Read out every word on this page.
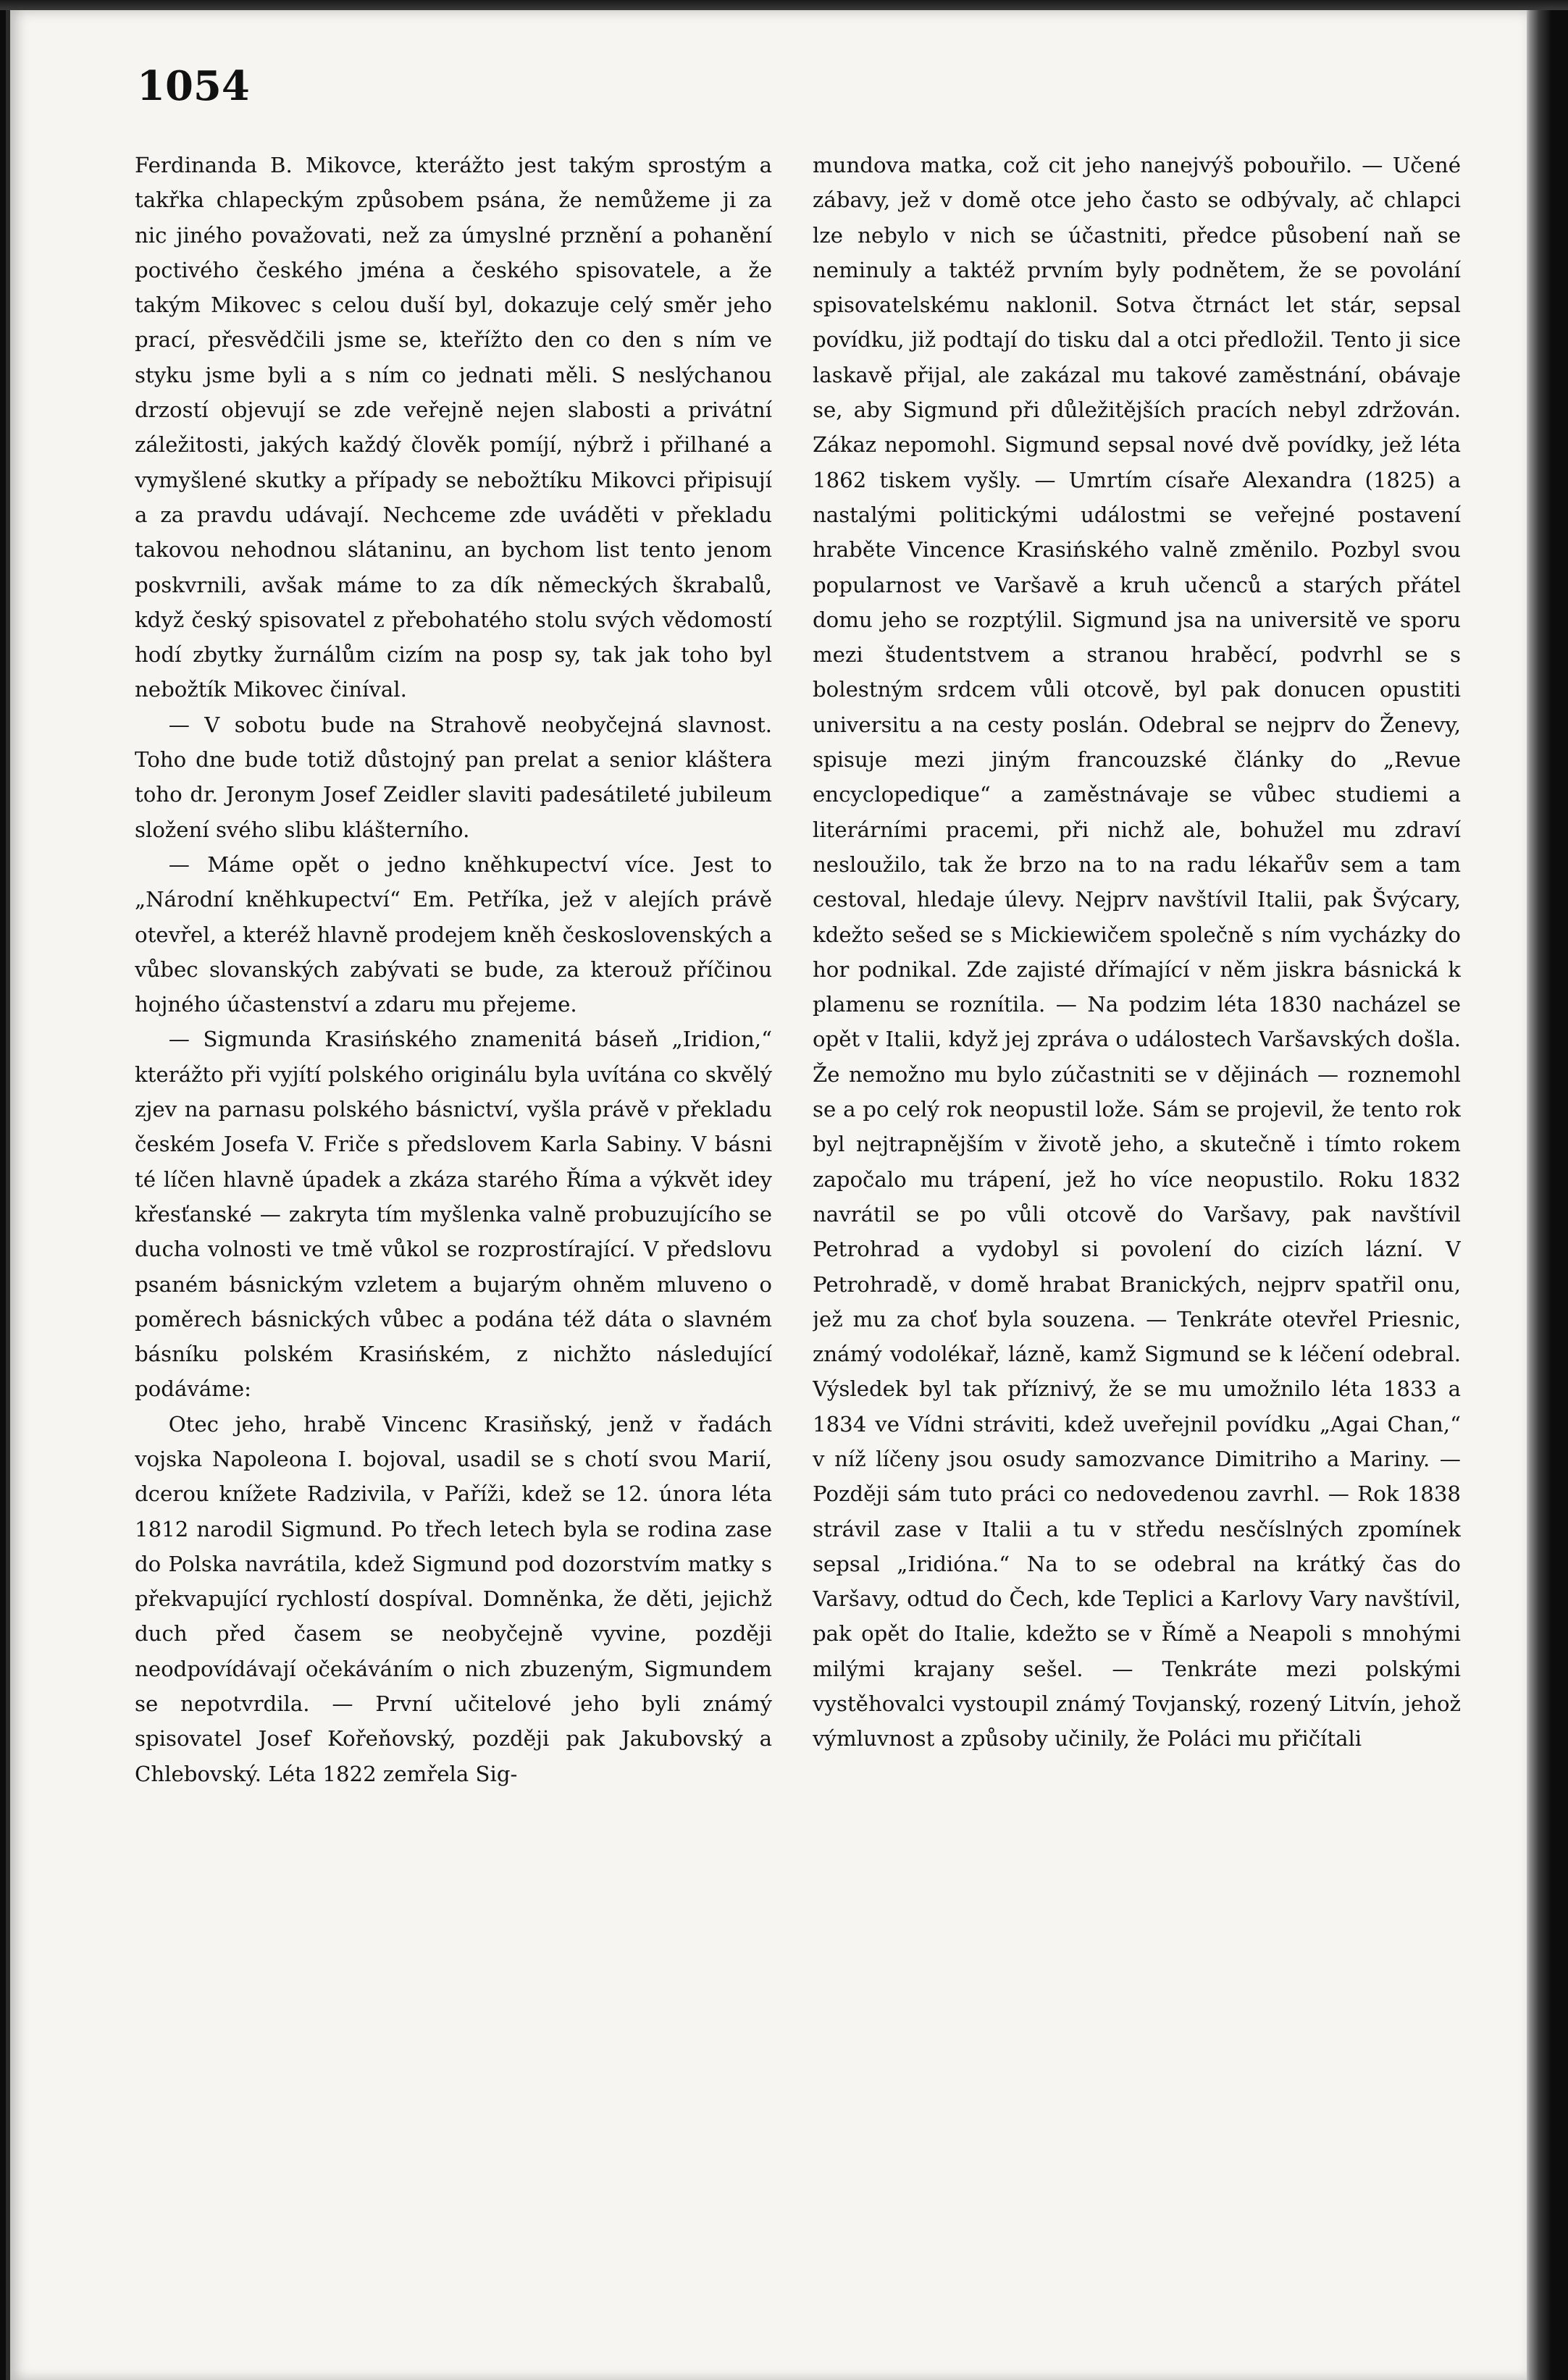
1054

Ferdinanda B. Mikovce, kterážto jest takým sprostým a takřka chlapeckým způsobem psána, že nemůžeme ji za nic jiného považovati, než za úmyslné prznění a pohanění poctivého českého jména a českého spisovatele, a že takým Mikovec s celou duší byl, dokazuje celý směr jeho prací, přesvědčili jsme se, kteřížto den co den s ním ve styku jsme byli a s ním co jednati měli. S neslýchanou drzostí objevují se zde veřejně nejen slabosti a privátní záležitosti, jakých každý člověk pomíjí, nýbrž i přilhané a vymyšlené skutky a případy se nebožtíku Mikovci připisují a za pravdu udávají. Nechceme zde uváděti v překladu takovou nehodnou slátaninu, an bychom list tento jenom poskvrnili, avšak máme to za dík německých škrabalů, když český spisovatel z přebohatého stolu svých vědomostí hodí zbytky žurnálům cizím na posp sy, tak jak toho byl nebožtík Mikovec činíval.

— V sobotu bude na Strahově neobyčejná slavnost. Toho dne bude totiž důstojný pan prelat a senior kláštera toho dr. Jeronym Josef Zeidler slaviti padesátileté jubileum složení svého slibu klášterního.

— Máme opět o jedno kněhkupectví více. Jest to „Národní kněhkupectví“ Em. Petříka, jež v alejích právě otevřel, a kteréž hlavně prodejem kněh československých a vůbec slovanských zabývati se bude, za kterouž příčinou hojného účastenství a zdaru mu přejeme.

— Sigmunda Krasińského znamenitá báseň „Iridion,“ kterážto při vyjítí polského originálu byla uvítána co skvělý zjev na parnasu polského básnictví, vyšla právě v překladu českém Josefa V. Friče s předslovem Karla Sabiny. V básni té líčen hlavně úpadek a zkáza starého Říma a výkvět idey křesťanské — zakryta tím myšlenka valně probuzujícího se ducha volnosti ve tmě vůkol se rozprostírající. V předslovu psaném básnickým vzletem a bujarým ohněm mluveno o poměrech básnických vůbec a podána též dáta o slavném básníku polském Krasińském, z nichžto následující podáváme:

Otec jeho, hrabě Vincenc Krasiňský, jenž v řadách vojska Napoleona I. bojoval, usadil se s chotí svou Marií, dcerou knížete Radzivila, v Paříži, kdež se 12. února léta 1812 narodil Sigmund. Po třech letech byla se rodina zase do Polska navrátila, kdež Sigmund pod dozorstvím matky s překvapující rychlostí dospíval. Domněnka, že děti, jejichž duch před časem se neobyčejně vyvine, později neodpovídávají očekáváním o nich zbuzeným, Sigmundem se nepotvrdila. — První učitelové jeho byli známý spisovatel Josef Kořeňovský, později pak Jakubovský a Chlebovský. Léta 1822 zemřela Sig-

mundova matka, což cit jeho nanejvýš pobouřilo. — Učené zábavy, jež v domě otce jeho často se odbývaly, ač chlapci lze nebylo v nich se účastniti, předce působení naň se neminuly a taktéž prvním byly podnětem, že se povolání spisovatelskému naklonil. Sotva čtrnáct let stár, sepsal povídku, již podtají do tisku dal a otci předložil. Tento ji sice laskavě přijal, ale zakázal mu takové zaměstnání, obávaje se, aby Sigmund při důležitějších pracích nebyl zdržován. Zákaz nepomohl. Sigmund sepsal nové dvě povídky, jež léta 1862 tiskem vyšly. — Umrtím císaře Alexandra (1825) a nastalými politickými událostmi se veřejné postavení hraběte Vincence Krasińského valně změnilo. Pozbyl svou popularnost ve Varšavě a kruh učenců a starých přátel domu jeho se rozptýlil. Sigmund jsa na universitě ve sporu mezi študentstvem a stranou hraběcí, podvrhl se s bolestným srdcem vůli otcově, byl pak donucen opustiti universitu a na cesty poslán. Odebral se nejprv do Ženevy, spisuje mezi jiným francouzské články do „Revue encyclopedique“ a zaměstnávaje se vůbec studiemi a literárními pracemi, při nichž ale, bohužel mu zdraví nesloužilo, tak že brzo na to na radu lékařův sem a tam cestoval, hledaje úlevy. Nejprv navštívil Italii, pak Švýcary, kdežto sešed se s Mickiewičem společně s ním vycházky do hor podnikal. Zde zajisté dřímající v něm jiskra básnická k plamenu se roznítila. — Na podzim léta 1830 nacházel se opět v Italii, když jej zpráva o událostech Varšavských došla. Že nemožno mu bylo zúčastniti se v dějinách — roznemohl se a po celý rok neopustil lože. Sám se projevil, že tento rok byl nejtrapnějším v životě jeho, a skutečně i tímto rokem započalo mu trápení, jež ho více neopustilo. Roku 1832 navrátil se po vůli otcově do Varšavy, pak navštívil Petrohrad a vydobyl si povolení do cizích lázní. V Petrohradě, v domě hrabat Branických, nejprv spatřil onu, jež mu za choť byla souzena. — Tenkráte otevřel Priesnic, známý vodolékař, lázně, kamž Sigmund se k léčení odebral. Výsledek byl tak příznivý, že se mu umožnilo léta 1833 a 1834 ve Vídni stráviti, kdež uveřejnil povídku „Agai Chan,“ v níž líčeny jsou osudy samozvance Dimitriho a Mariny. — Později sám tuto práci co nedovedenou zavrhl. — Rok 1838 strávil zase v Italii a tu v středu nesčíslných zpomínek sepsal „Iridióna.“ Na to se odebral na krátký čas do Varšavy, odtud do Čech, kde Teplici a Karlovy Vary navštívil, pak opět do Italie, kdežto se v Římě a Neapoli s mnohými milými krajany sešel. — Tenkráte mezi polskými vystěhovalci vystoupil známý Tovjanský, rozený Litvín, jehož výmluvnost a způsoby učinily, že Poláci mu přičítali
